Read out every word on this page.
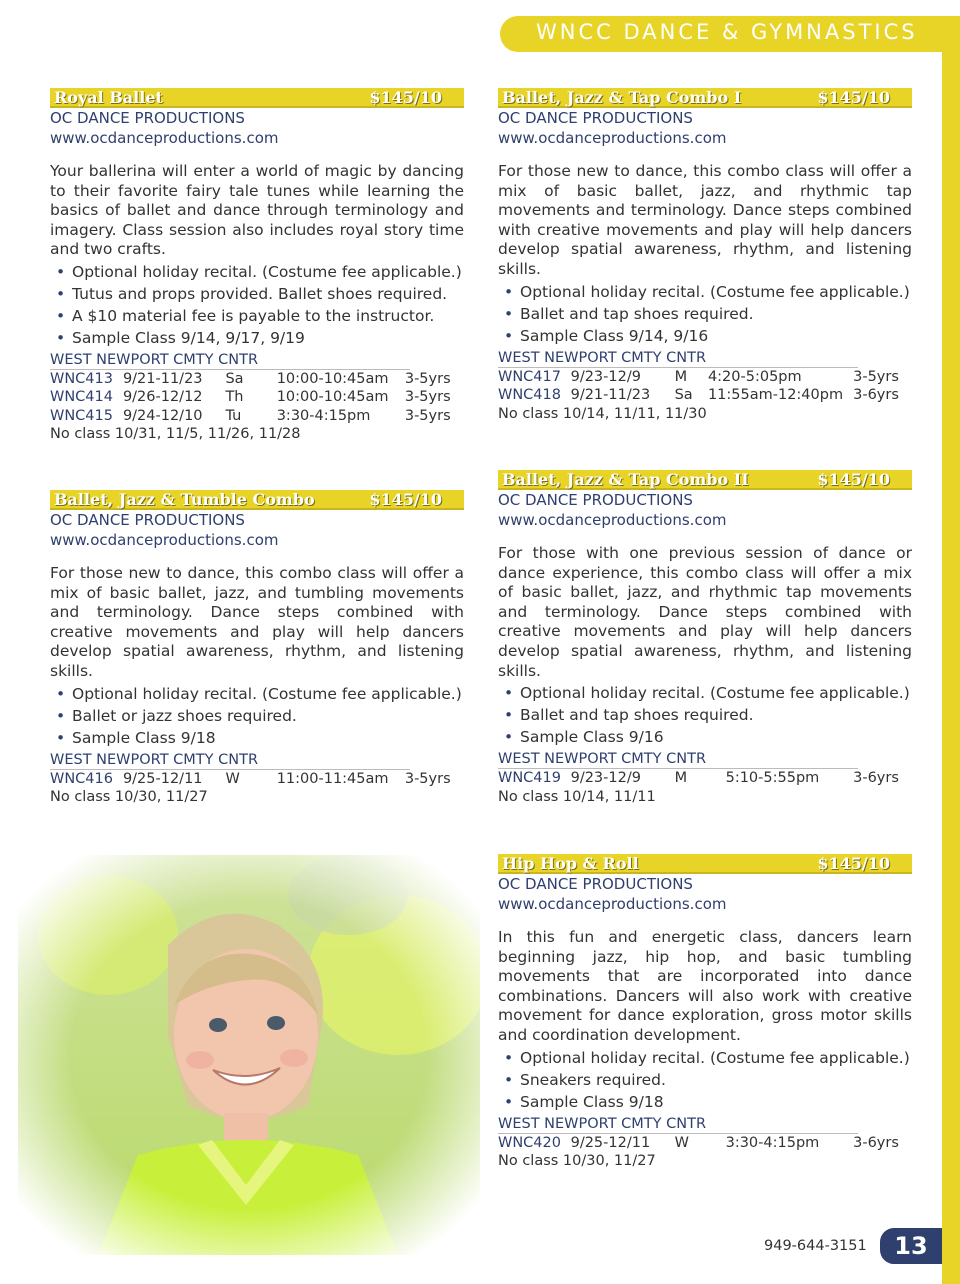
WNCC DANCE & GYMNASTICS
Royal Ballet	$145/10
OC DANCE PRODUCTIONS
www.ocdanceproductions.com
Your ballerina will enter a world of magic by dancing to their favorite fairy tale tunes while learning the basics of ballet and dance through terminology and imagery. Class session also includes royal story time and two crafts.
• Optional holiday recital. (Costume fee applicable.)
• Tutus and props provided. Ballet shoes required.
• A $10 material fee is payable to the instructor.
• Sample Class 9/14, 9/17, 9/19
WEST NEWPORT CMTY CNTR
WNC413 9/21-11/23	Sa	10:00-10:45am	3-5yrs
WNC414 9/26-12/12	Th	10:00-10:45am	3-5yrs
WNC415 9/24-12/10	Tu	3:30-4:15pm	3-5yrs
No class 10/31, 11/5, 11/26, 11/28
Ballet, Jazz & Tumble Combo	$145/10
OC DANCE PRODUCTIONS
www.ocdanceproductions.com
For those new to dance, this combo class will offer a mix of basic ballet, jazz, and tumbling movements and terminology. Dance steps combined with creative movements and play will help dancers develop spatial awareness, rhythm, and listening skills.
• Optional holiday recital. (Costume fee applicable.)
• Ballet or jazz shoes required.
• Sample Class 9/18
WEST NEWPORT CMTY CNTR
WNC416 9/25-12/11	W	11:00-11:45am	3-5yrs
No class 10/30, 11/27
Ballet, Jazz & Tap Combo I	$145/10
OC DANCE PRODUCTIONS
www.ocdanceproductions.com
For those new to dance, this combo class will offer a mix of basic ballet, jazz, and rhythmic tap movements and terminology. Dance steps combined with creative movements and play will help dancers develop spatial awareness, rhythm, and listening skills.
• Optional holiday recital. (Costume fee applicable.)
• Ballet and tap shoes required.
• Sample Class 9/14, 9/16
WEST NEWPORT CMTY CNTR
WNC417 9/23-12/9	M	4:20-5:05pm	3-5yrs
WNC418 9/21-11/23	Sa	11:55am-12:40pm 3-6yrs
No class 10/14, 11/11, 11/30
Ballet, Jazz & Tap Combo II	$145/10
OC DANCE PRODUCTIONS
www.ocdanceproductions.com
For those with one previous session of dance or dance experience, this combo class will offer a mix of basic ballet, jazz, and rhythmic tap movements and terminology. Dance steps combined with creative movements and play will help dancers develop spatial awareness, rhythm, and listening skills.
• Optional holiday recital. (Costume fee applicable.)
• Ballet and tap shoes required.
• Sample Class 9/16
WEST NEWPORT CMTY CNTR
WNC419 9/23-12/9	M	5:10-5:55pm	3-6yrs
No class 10/14, 11/11
Hip Hop & Roll	$145/10
OC DANCE PRODUCTIONS
www.ocdanceproductions.com
In this fun and energetic class, dancers learn beginning jazz, hip hop, and basic tumbling movements that are incorporated into dance combinations. Dancers will also work with creative movement for dance exploration, gross motor skills and coordination development.
• Optional holiday recital. (Costume fee applicable.)
• Sneakers required.
• Sample Class 9/18
WEST NEWPORT CMTY CNTR
WNC420 9/25-12/11	W	3:30-4:15pm	3-6yrs
No class 10/30, 11/27
949-644-3151	13
